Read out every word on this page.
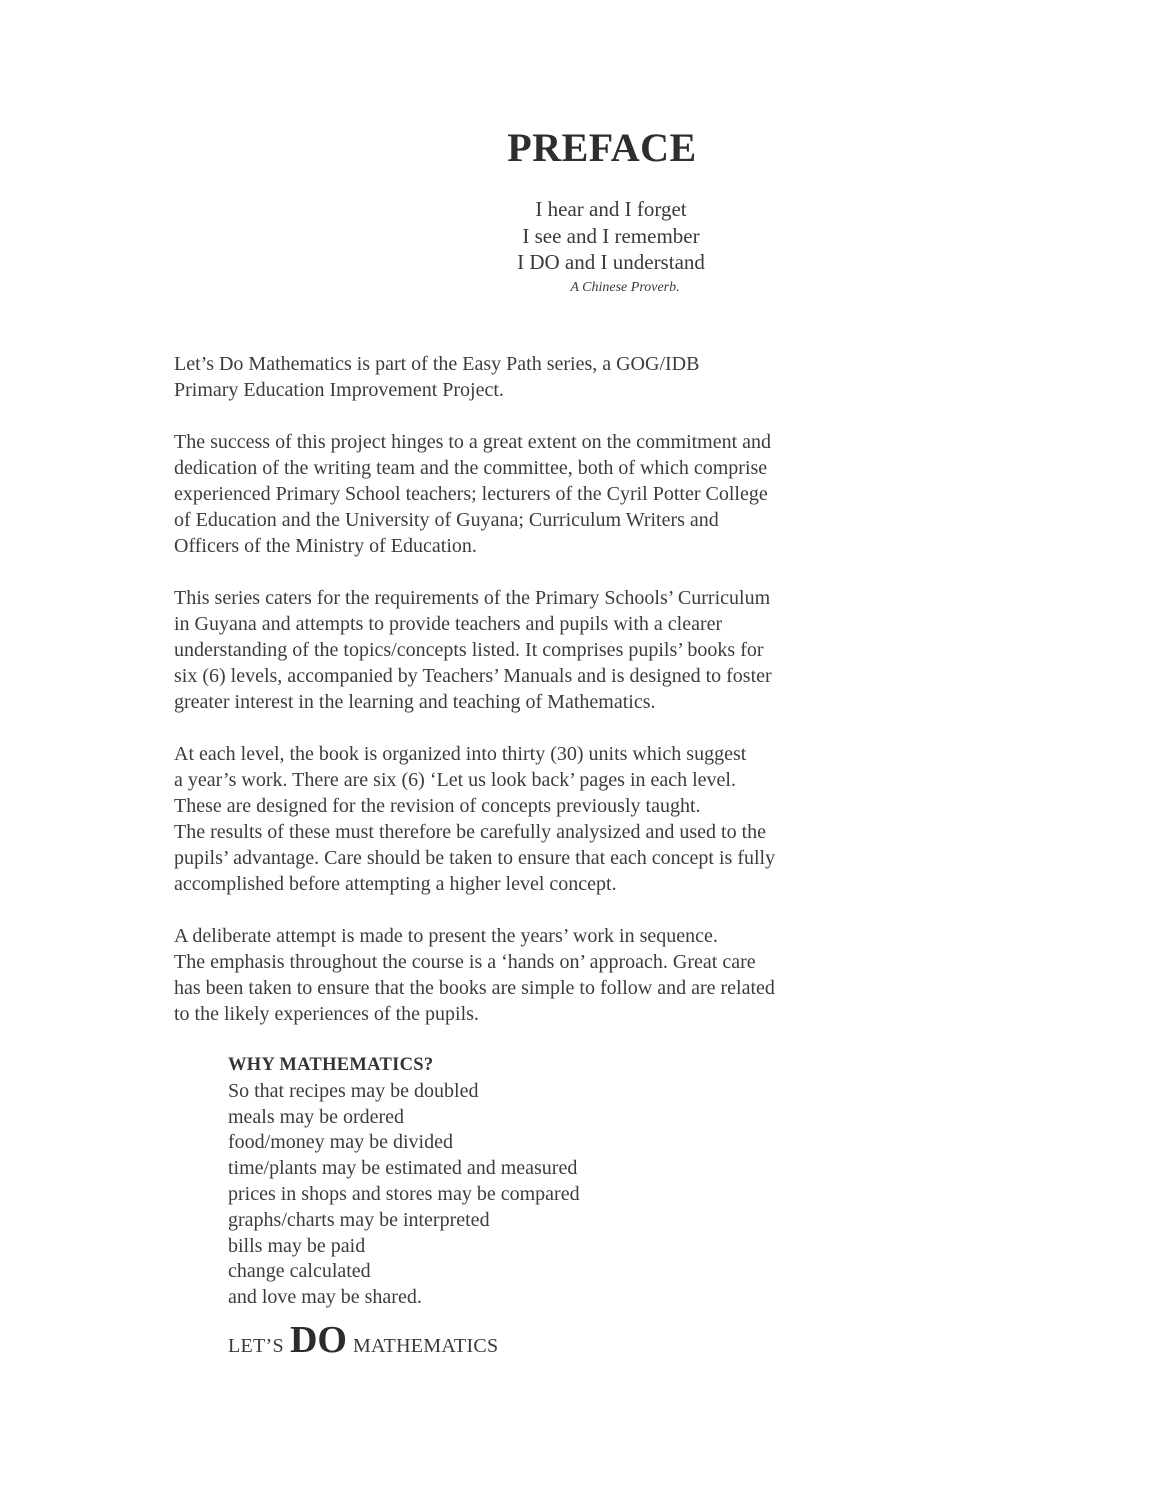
PREFACE
I hear and I forget
I see and I remember
I DO and I understand
A Chinese Proverb.

Let’s Do Mathematics is part of the Easy Path series, a GOG/IDB
Primary Education Improvement Project.

The success of this project hinges to a great extent on the commitment and
dedication of the writing team and the committee, both of which comprise
experienced Primary School teachers; lecturers of the Cyril Potter College
of Education and the University of Guyana; Curriculum Writers and
Officers of the Ministry of Education.

This series caters for the requirements of the Primary Schools’ Curriculum
in Guyana and attempts to provide teachers and pupils with a clearer
understanding of the topics/concepts listed. It comprises pupils’ books for
six (6) levels, accompanied by Teachers’ Manuals and is designed to foster
greater interest in the learning and teaching of Mathematics.

At each level, the book is organized into thirty (30) units which suggest
a year’s work. There are six (6) ‘Let us look back’ pages in each level.
These are designed for the revision of concepts previously taught.
The results of these must therefore be carefully analysized and used to the
pupils’ advantage. Care should be taken to ensure that each concept is fully
accomplished before attempting a higher level concept.

A deliberate attempt is made to present the years’ work in sequence.
The emphasis throughout the course is a ‘hands on’ approach. Great care
has been taken to ensure that the books are simple to follow and are related
to the likely experiences of the pupils.

WHY MATHEMATICS?
So that recipes may be doubled
meals may be ordered
food/money may be divided
time/plants may be estimated and measured
prices in shops and stores may be compared
graphs/charts may be interpreted
bills may be paid
change calculated
and love may be shared.
LET’S DO MATHEMATICS
